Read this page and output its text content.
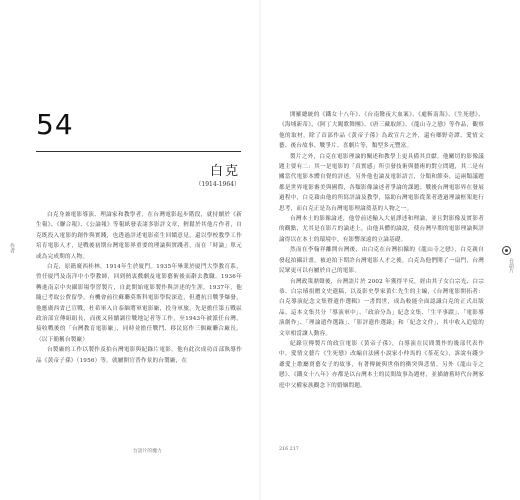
作者
54
白克
（1914-1964）

白克身兼電影導演、理論家和教學者，在台灣電影起步階段，就持續於《新生報》、《聯合報》、《公論報》等報紙發表諸多影評文章，輕鬆於其他片作者，自克既投入電影的創作與實踐，也透過評述電影產生回饋意見，還以學校教學工作培育電影人才，是戰後初期台灣電影界重要的理論與實踐者，而在「時論」單元或為完成期的人物。

白克，原籍廣西桂林，1914年生於廈門。1935年畢業於廈門大學教育系，曾任廈門及南洋中小學教師，回到熱衷戲劇及電影藝術後而辭去教職。1936年轉進南京中央攝影場學習製片，自此開始電影製作與評述的生涯。1937年，他隨已考取公費留學，有機會前往蘇聯莫斯科電影學院深造，但遭抗日戰爭爆發，他應廣西省已宣戰，杜希軍入自泰緬將軍電影廠，投身軍旅，先是擔任第五戰區政治部宣傳組組長，而後又陸續調往戰地記者等工作，至1943年被派任台灣，接收戰後的「台灣教育電影廠」，同時並擔任戰鬥、移民寫作三個廠聯合廠長。（以下簡稱台製廠）

台製廠的工作以製作及拍台灣電影與紀錄片電影，他有此次成功首部執導作品《黃帝子孫》（1956）等，就屬開官普作景的台製廠，在

台語片的魔力

開羅總統的《鐵女十八年》、《台南醫夜大血案》、《處斬南海》、《生死戀》、《海埔新蒂》、《阿丁大闖歌舞團》、《唐三藏取經》、《龍山寺之戀》等作品，觀察他的取材，除了首部作品《黃帝子孫》為政宣片之外，還有鄉野奇譚、愛情文藝、後台故事、戰爭片、喜劇片等，類型多元豐富。

製片之外，白克在電影理論的闡述和教學上更具備其貢獻。他關切的影像議題主要有二：其一是電影的「真實感」所引發技術與藝術的對立問題，其二是有關當代電影本體自覺的評述。另外他也論及電影語言，分類和節奏，這兩類議題都是世界電影審美與國際，各類影像論述者爭論的課題；戰後台灣電影界在發展過程中，白克藉由他的所寫評論及教學，協助台灣電影從業者透過理論框架進行思考，而白克正是為台灣電影理論奠基的人物之一。

台灣本土的影像論述，他曾前述輸入大量譯述和理論，並且對影像及實影者的觀點，尤其是在影片的論述上，由他具體的論說，使台灣早期的電影理論與評論得以在本土的環境中，有影響深遠的立論基礎。

然而在李翰祥離開台灣後，由白克在台灣拍攝的《龍山寺之戀》，白克親自發起拍攝計畫，被迫拍下期許台灣電影人才之後，白克為他們開了一扇門，台灣民眾更可以有屬於自己的電影。

台灣政策鼎聲後，台灣語片於 2002 年獲得平反，經由其子女白宗光、白宗恭、白宗璿捐贈文史遺稿，以及影史學家黃仁先生的主編，《台灣電影開拓者：白克導演紀念文集暨遺作選輯》一書問世，成為較能全面認識白克的正式出版品。這本文集共分「導演軍中」、「政治分為」紀念文集、「生平事蹟」、「電影導演創作」、「理論遺作選錄」、「影評遺作選錄」和「紀念文件」，其中收入追憶的文章相當讓人動容。

紀錄宣傳製片的政宣電影《黃帝子孫》，白導演在民間製作的幾部代表作中，愛情文藝片《生死戀》改編自法國小說家小仲馬的《茶花女》，訴說有錢少爺愛上歌廳賣藝女子的故事，有著傳統與世俗的衝突與悲情。另外《龍山寺之戀》、《鐵女十八年》亦都是以台灣本土的民間故事為題材，並描繪舊時代台灣家庭中父權家族觀念下的婚姻問題。

台語片
216 217
